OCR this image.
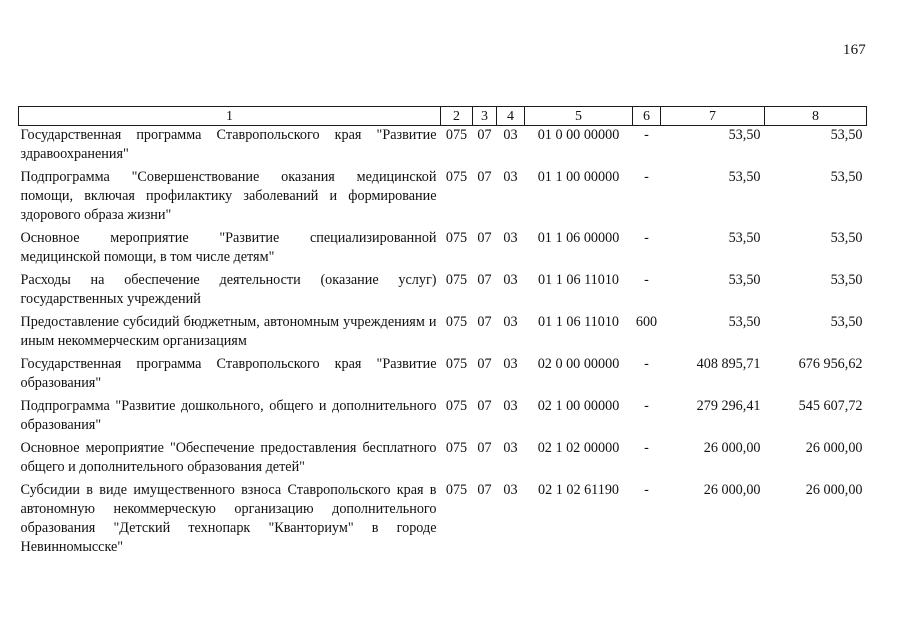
167
1	2	3	4	5	6	7	8
Государственная программа Ставропольского края "Развитие здравоохранения"	075	07	03	01 0 00 00000	-	53,50	53,50
Подпрограмма "Совершенствование оказания медицинской помощи, включая профилактику заболеваний и формирование здорового образа жизни"	075	07	03	01 1 00 00000	-	53,50	53,50
Основное мероприятие "Развитие специализированной медицинской помощи, в том числе детям"	075	07	03	01 1 06 00000	-	53,50	53,50
Расходы на обеспечение деятельности (оказание услуг) государственных учреждений	075	07	03	01 1 06 11010	-	53,50	53,50
Предоставление субсидий бюджетным, автономным учреждениям и иным некоммерческим организациям	075	07	03	01 1 06 11010	600	53,50	53,50
Государственная программа Ставропольского края "Развитие образования"	075	07	03	02 0 00 00000	-	408 895,71	676 956,62
Подпрограмма "Развитие дошкольного, общего и дополнительного образования"	075	07	03	02 1 00 00000	-	279 296,41	545 607,72
Основное мероприятие "Обеспечение предоставления бесплатного общего и дополнительного образования детей"	075	07	03	02 1 02 00000	-	26 000,00	26 000,00
Субсидии в виде имущественного взноса Ставропольского края в автономную некоммерческую организацию дополнительного образования "Детский технопарк "Кванториум" в городе Невинномысске"	075	07	03	02 1 02 61190	-	26 000,00	26 000,00
